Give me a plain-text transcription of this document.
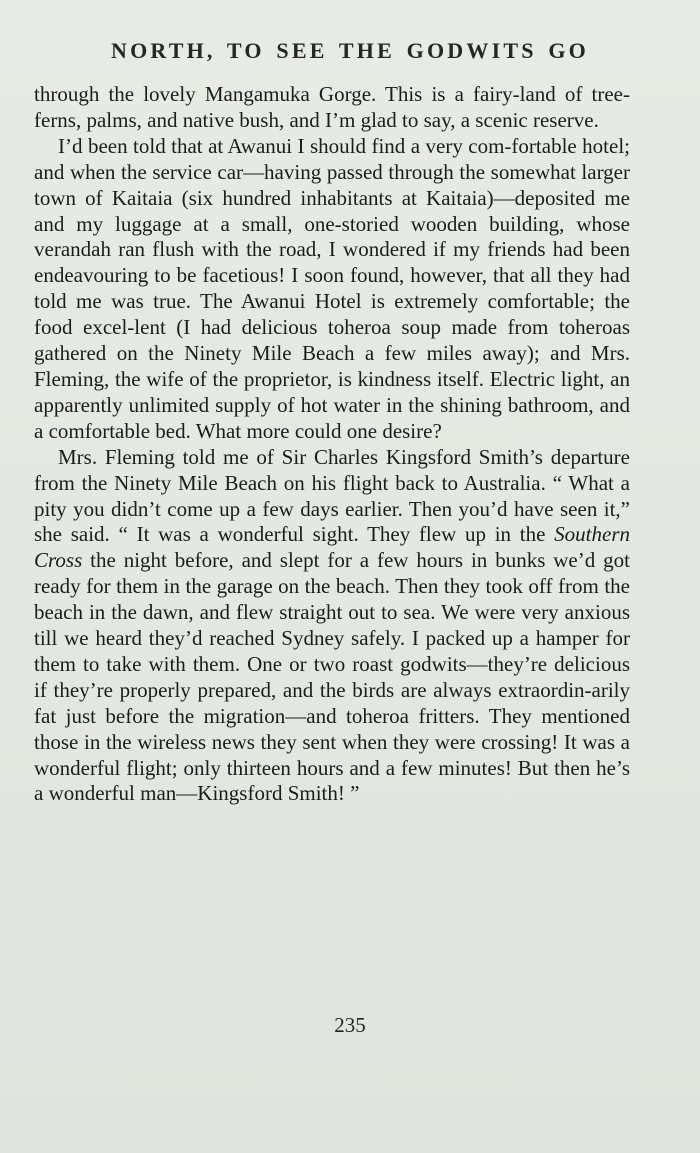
NORTH, TO SEE THE GODWITS GO

through the lovely Mangamuka Gorge. This is a fairy-land of tree-ferns, palms, and native bush, and I’m glad to say, a scenic reserve.

I’d been told that at Awanui I should find a very com-fortable hotel; and when the service car—having passed through the somewhat larger town of Kaitaia (six hundred inhabitants at Kaitaia)—deposited me and my luggage at a small, one-storied wooden building, whose verandah ran flush with the road, I wondered if my friends had been endeavouring to be facetious! I soon found, however, that all they had told me was true. The Awanui Hotel is extremely comfortable; the food excel-lent (I had delicious toheroa soup made from toheroas gathered on the Ninety Mile Beach a few miles away); and Mrs. Fleming, the wife of the proprietor, is kindness itself. Electric light, an apparently unlimited supply of hot water in the shining bathroom, and a comfortable bed. What more could one desire?

Mrs. Fleming told me of Sir Charles Kingsford Smith’s departure from the Ninety Mile Beach on his flight back to Australia. “ What a pity you didn’t come up a few days earlier. Then you’d have seen it,” she said. “ It was a wonderful sight. They flew up in the Southern Cross the night before, and slept for a few hours in bunks we’d got ready for them in the garage on the beach. Then they took off from the beach in the dawn, and flew straight out to sea. We were very anxious till we heard they’d reached Sydney safely. I packed up a hamper for them to take with them. One or two roast godwits—they’re delicious if they’re properly prepared, and the birds are always extraordin-arily fat just before the migration—and toheroa fritters. They mentioned those in the wireless news they sent when they were crossing! It was a wonderful flight; only thirteen hours and a few minutes! But then he’s a wonderful man—Kingsford Smith! ”

235
